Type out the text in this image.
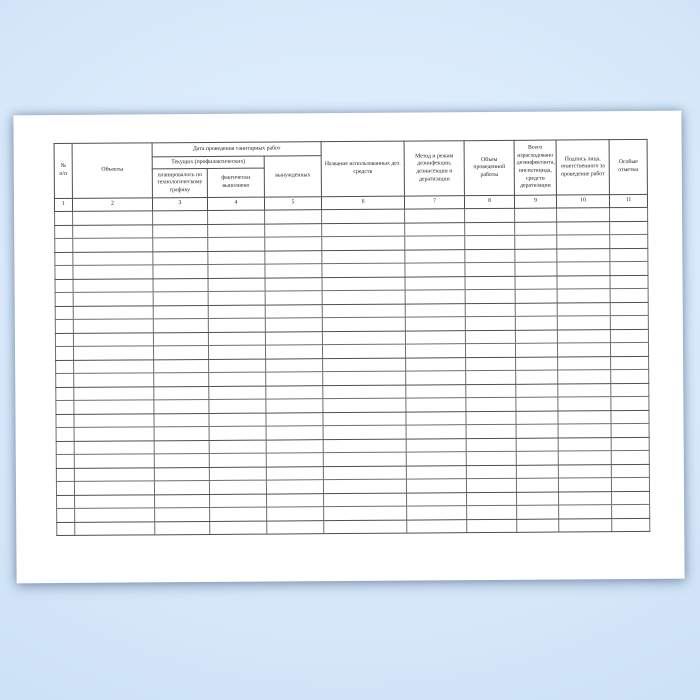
№
п/п	Объекты	Дата проведения санитарных работ			Название использованных дез. средств	Метод и режим дезинфекции, дезинсекции и дератизации	Объем проведенной работы	Всего израсходовано дезинфектанта, инсектицида, средств дератизации	Подпись лица, ответственного за проведение работ	Особые отметки
		Текущих (профилактических)		вынужденных						
		планировалось по технологическому графику	фактически выполнено							
1	2	3	4	5	6	7	8	9	10	11
